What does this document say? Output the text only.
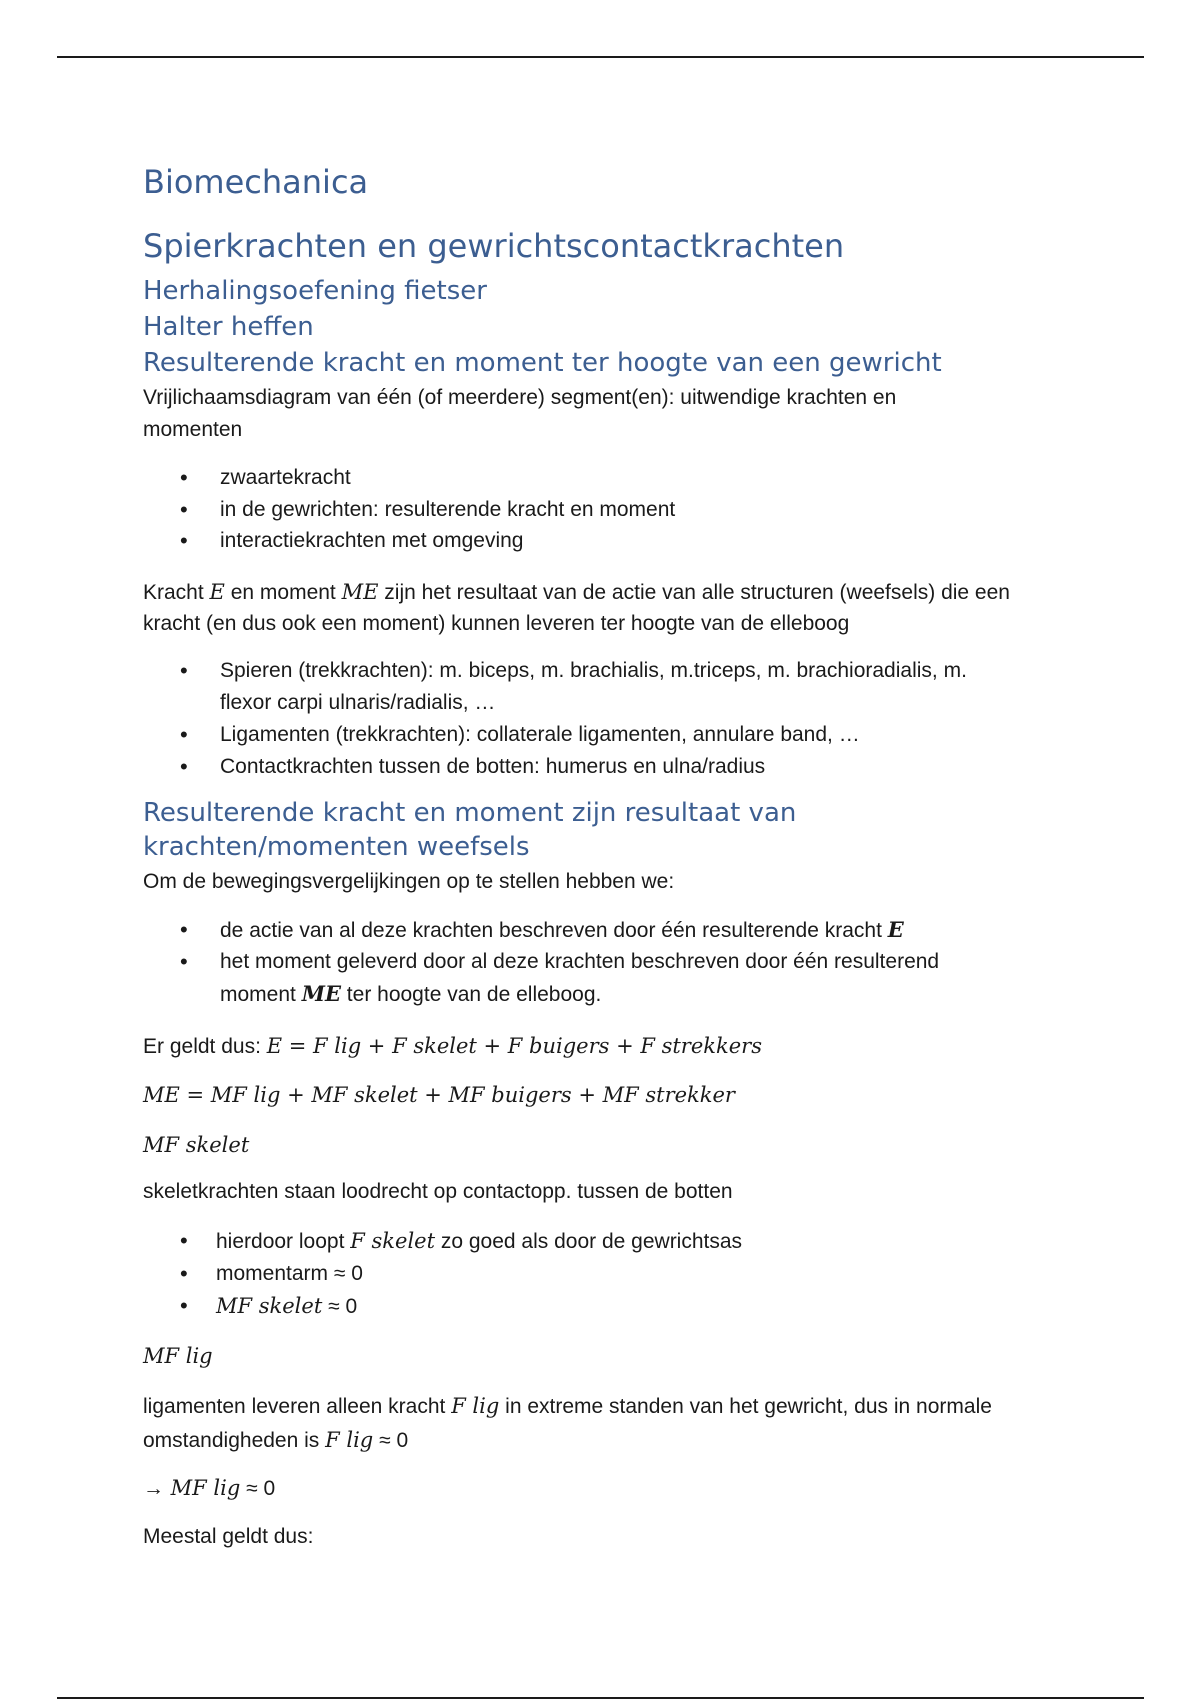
Biomechanica
Spierkrachten en gewrichtscontactkrachten
Herhalingsoefening fietser
Halter heffen
Resulterende kracht en moment ter hoogte van een gewricht

Vrijlichaamsdiagram van één (of meerdere) segment(en): uitwendige krachten en

momenten

zwaartekracht
in de gewrichten: resulterende kracht en moment
interactiekrachten met omgeving

Kracht E en moment ME zijn het resultaat van de actie van alle structuren (weefsels) die een

kracht (en dus ook een moment) kunnen leveren ter hoogte van de elleboog

Spieren (trekkrachten): m. biceps, m. brachialis, m.triceps, m. brachioradialis, m.

flexor carpi ulnaris/radialis, …

Ligamenten (trekkrachten): collaterale ligamenten, annulare band, …
Contactkrachten tussen de botten: humerus en ulna/radius
Resulterende kracht en moment zijn resultaat van
krachten/momenten weefsels

Om de bewegingsvergelijkingen op te stellen hebben we:

de actie van al deze krachten beschreven door één resulterende kracht E
het moment geleverd door al deze krachten beschreven door één resulterend

moment ME ter hoogte van de elleboog.

Er geldt dus: E = F lig + F skelet + F buigers + F strekkers

ME = MF lig + MF skelet + MF buigers + MF strekker

MF skelet

skeletkrachten staan loodrecht op contactopp. tussen de botten

hierdoor loopt F skelet zo goed als door de gewrichtsas
momentarm ≈ 0
MF skelet ≈ 0

MF lig

ligamenten leveren alleen kracht F lig in extreme standen van het gewricht, dus in normale

omstandigheden is F lig ≈ 0

→ MF lig ≈ 0

Meestal geldt dus:
